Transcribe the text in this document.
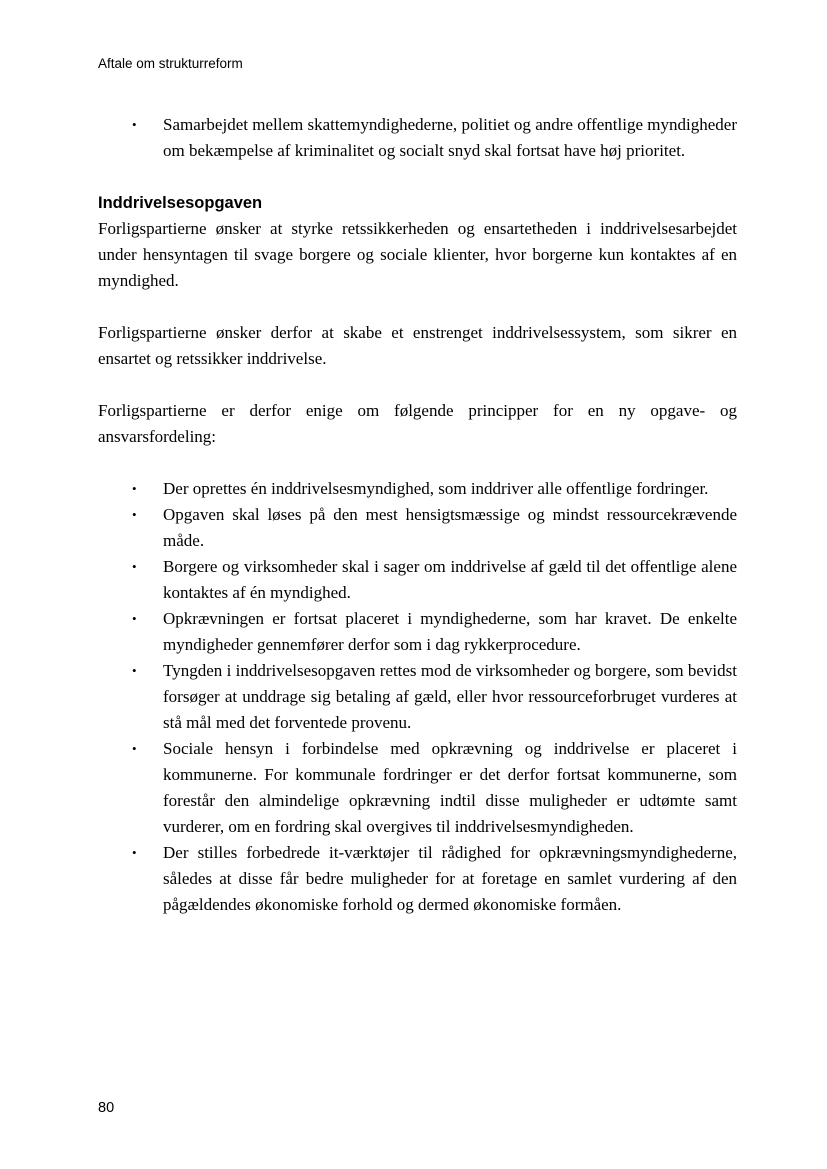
Aftale om strukturreform
•	Samarbejdet mellem skattemyndighederne, politiet og andre offentlige myndigheder om bekæmpelse af kriminalitet og socialt snyd skal fortsat have høj prioritet.
Inddrivelsesopgaven

Forligspartierne ønsker at styrke retssikkerheden og ensartetheden i inddrivelsesarbejdet under hensyntagen til svage borgere og sociale klienter, hvor borgerne kun kontaktes af en myndighed.

Forligspartierne ønsker derfor at skabe et enstrenget inddrivelsessystem, som sikrer en ensartet og retssikker inddrivelse.

Forligspartierne er derfor enige om følgende principper for en ny opgave- og ansvarsfordeling:

•	Der oprettes én inddrivelsesmyndighed, som inddriver alle offentlige fordringer.
•	Opgaven skal løses på den mest hensigtsmæssige og mindst ressourcekrævende måde.
•	Borgere og virksomheder skal i sager om inddrivelse af gæld til det offentlige alene kontaktes af én myndighed.
•	Opkrævningen er fortsat placeret i myndighederne, som har kravet. De enkelte myndigheder gennemfører derfor som i dag rykkerprocedure.
•	Tyngden i inddrivelsesopgaven rettes mod de virksomheder og borgere, som bevidst forsøger at unddrage sig betaling af gæld, eller hvor ressourceforbruget vurderes at stå mål med det forventede provenu.
•	Sociale hensyn i forbindelse med opkrævning og inddrivelse er placeret i kommunerne. For kommunale fordringer er det derfor fortsat kommunerne, som forestår den almindelige opkrævning indtil disse muligheder er udtømte samt vurderer, om en fordring skal overgives til inddrivelsesmyndigheden.
•	Der stilles forbedrede it-værktøjer til rådighed for opkrævningsmyndighederne, således at disse får bedre muligheder for at foretage en samlet vurdering af den pågældendes økonomiske forhold og dermed økonomiske formåen.
80
